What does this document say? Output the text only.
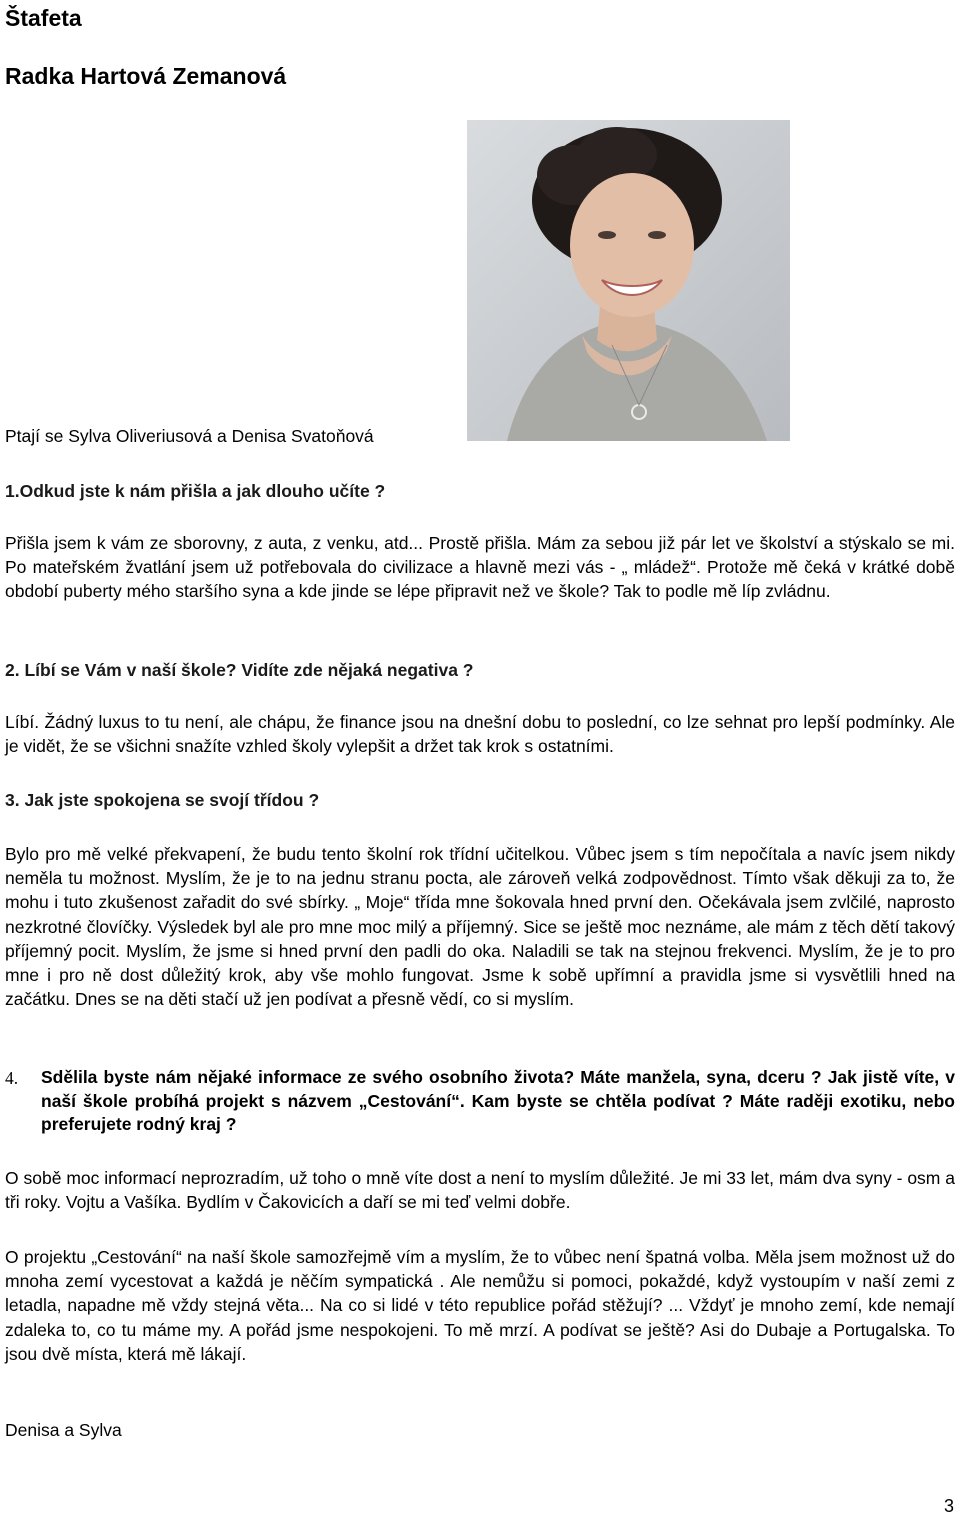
Štafeta
Radka Hartová Zemanová

Ptají se Sylva Oliveriusová a Denisa Svatoňová

1.Odkud jste k nám přišla a jak dlouho učíte ?

Přišla jsem k vám ze sborovny, z auta, z venku, atd... Prostě přišla. Mám za sebou již pár let ve školství a stýskalo se mi. Po mateřském žvatlání jsem už potřebovala do civilizace a hlavně mezi vás - „ mládež“. Protože mě čeká v krátké době období puberty mého staršího syna a kde jinde se lépe připravit než ve škole? Tak to podle mě líp zvládnu.

2. Líbí se Vám v naší škole? Vidíte zde nějaká negativa ?

Líbí. Žádný luxus to tu není, ale chápu, že finance jsou na dnešní dobu to poslední, co lze sehnat pro lepší podmínky. Ale je vidět, že se všichni snažíte vzhled školy vylepšit a držet tak krok s ostatními.

3. Jak jste spokojena se svojí třídou ?

Bylo pro mě velké překvapení, že budu tento školní rok třídní učitelkou. Vůbec jsem s tím nepočítala a navíc jsem nikdy neměla tu možnost. Myslím, že je to na jednu stranu pocta, ale zároveň velká zodpovědnost. Tímto však děkuji za to, že mohu i tuto zkušenost zařadit do své sbírky. „ Moje“ třída mne šokovala hned první den. Očekávala jsem zvlčilé, naprosto nezkrotné človíčky. Výsledek byl ale pro mne moc milý a příjemný. Sice se ještě moc neznáme, ale mám z těch dětí takový příjemný pocit. Myslím, že jsme si hned první den padli do oka. Naladili se tak na stejnou frekvenci. Myslím, že je to pro mne i pro ně dost důležitý krok, aby vše mohlo fungovat. Jsme k sobě upřímní a pravidla jsme si vysvětlili hned na začátku. Dnes se na děti stačí už jen podívat a přesně vědí, co si myslím.

4. Sdělila byste nám nějaké informace ze svého osobního života? Máte manžela, syna, dceru ? Jak jistě víte, v naší škole probíhá projekt s názvem „Cestování“. Kam byste se chtěla podívat ? Máte raději exotiku, nebo preferujete rodný kraj ?

O sobě moc informací neprozradím, už toho o mně víte dost a není to myslím důležité. Je mi 33 let, mám dva syny - osm a tři roky. Vojtu a Vašíka. Bydlím v Čakovicích a daří se mi teď velmi dobře.

O projektu „Cestování“ na naší škole samozřejmě vím a myslím, že to vůbec není špatná volba. Měla jsem možnost už do mnoha zemí vycestovat a každá je něčím sympatická . Ale nemůžu si pomoci, pokaždé, když vystoupím v naší zemi z letadla, napadne mě vždy stejná věta... Na co si lidé v této republice pořád stěžují? ... Vždyť je mnoho zemí, kde nemají zdaleka to, co tu máme my. A pořád jsme nespokojeni. To mě mrzí. A podívat se ještě? Asi do Dubaje a Portugalska. To jsou dvě místa, která mě lákají.

Denisa a Sylva

3
